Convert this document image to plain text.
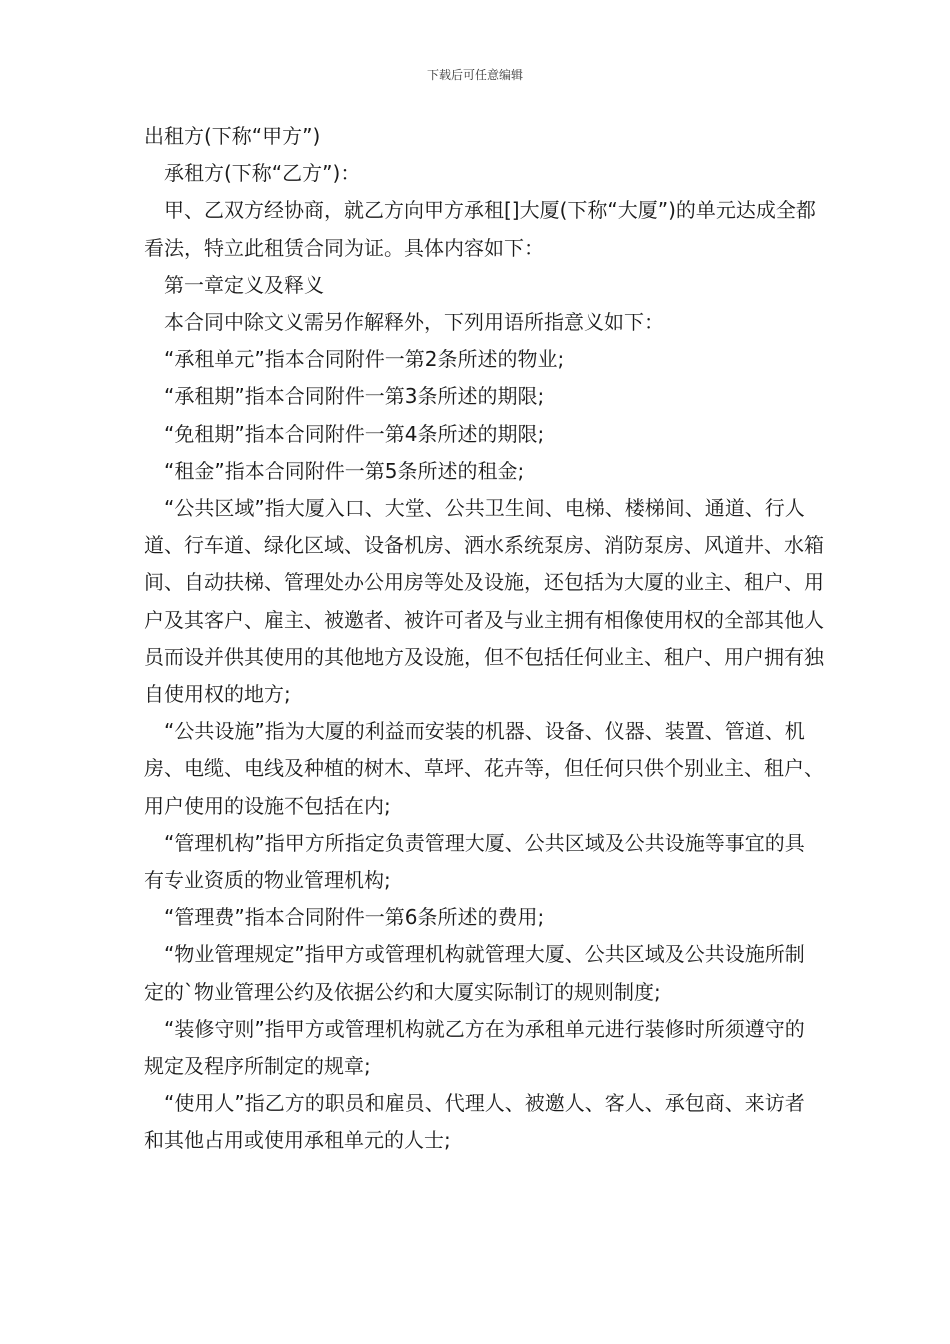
下载后可任意编辑

出租方(下称“甲方”)

承租方(下称“乙方”)：

甲、乙双方经协商，就乙方向甲方承租[]大厦(下称“大厦”)的单元达成全都看法，特立此租赁合同为证。具体内容如下：

第一章定义及释义

本合同中除文义需另作解释外，下列用语所指意义如下：

“承租单元”指本合同附件一第2条所述的物业;

“承租期”指本合同附件一第3条所述的期限;

“免租期”指本合同附件一第4条所述的期限;

“租金”指本合同附件一第5条所述的租金;

“公共区域”指大厦入口、大堂、公共卫生间、电梯、楼梯间、通道、行人道、行车道、绿化区域、设备机房、洒水系统泵房、消防泵房、风道井、水箱间、自动扶梯、管理处办公用房等处及设施，还包括为大厦的业主、租户、用户及其客户、雇主、被邀者、被许可者及与业主拥有相像使用权的全部其他人员而设并供其使用的其他地方及设施，但不包括任何业主、租户、用户拥有独自使用权的地方;

“公共设施”指为大厦的利益而安装的机器、设备、仪器、装置、管道、机房、电缆、电线及种植的树木、草坪、花卉等，但任何只供个别业主、租户、用户使用的设施不包括在内;

“管理机构”指甲方所指定负责管理大厦、公共区域及公共设施等事宜的具有专业资质的物业管理机构;

“管理费”指本合同附件一第6条所述的费用;

“物业管理规定”指甲方或管理机构就管理大厦、公共区域及公共设施所制定的`物业管理公约及依据公约和大厦实际制订的规则制度;

“装修守则”指甲方或管理机构就乙方在为承租单元进行装修时所须遵守的规定及程序所制定的规章;

“使用人”指乙方的职员和雇员、代理人、被邀人、客人、承包商、来访者和其他占用或使用承租单元的人士;
